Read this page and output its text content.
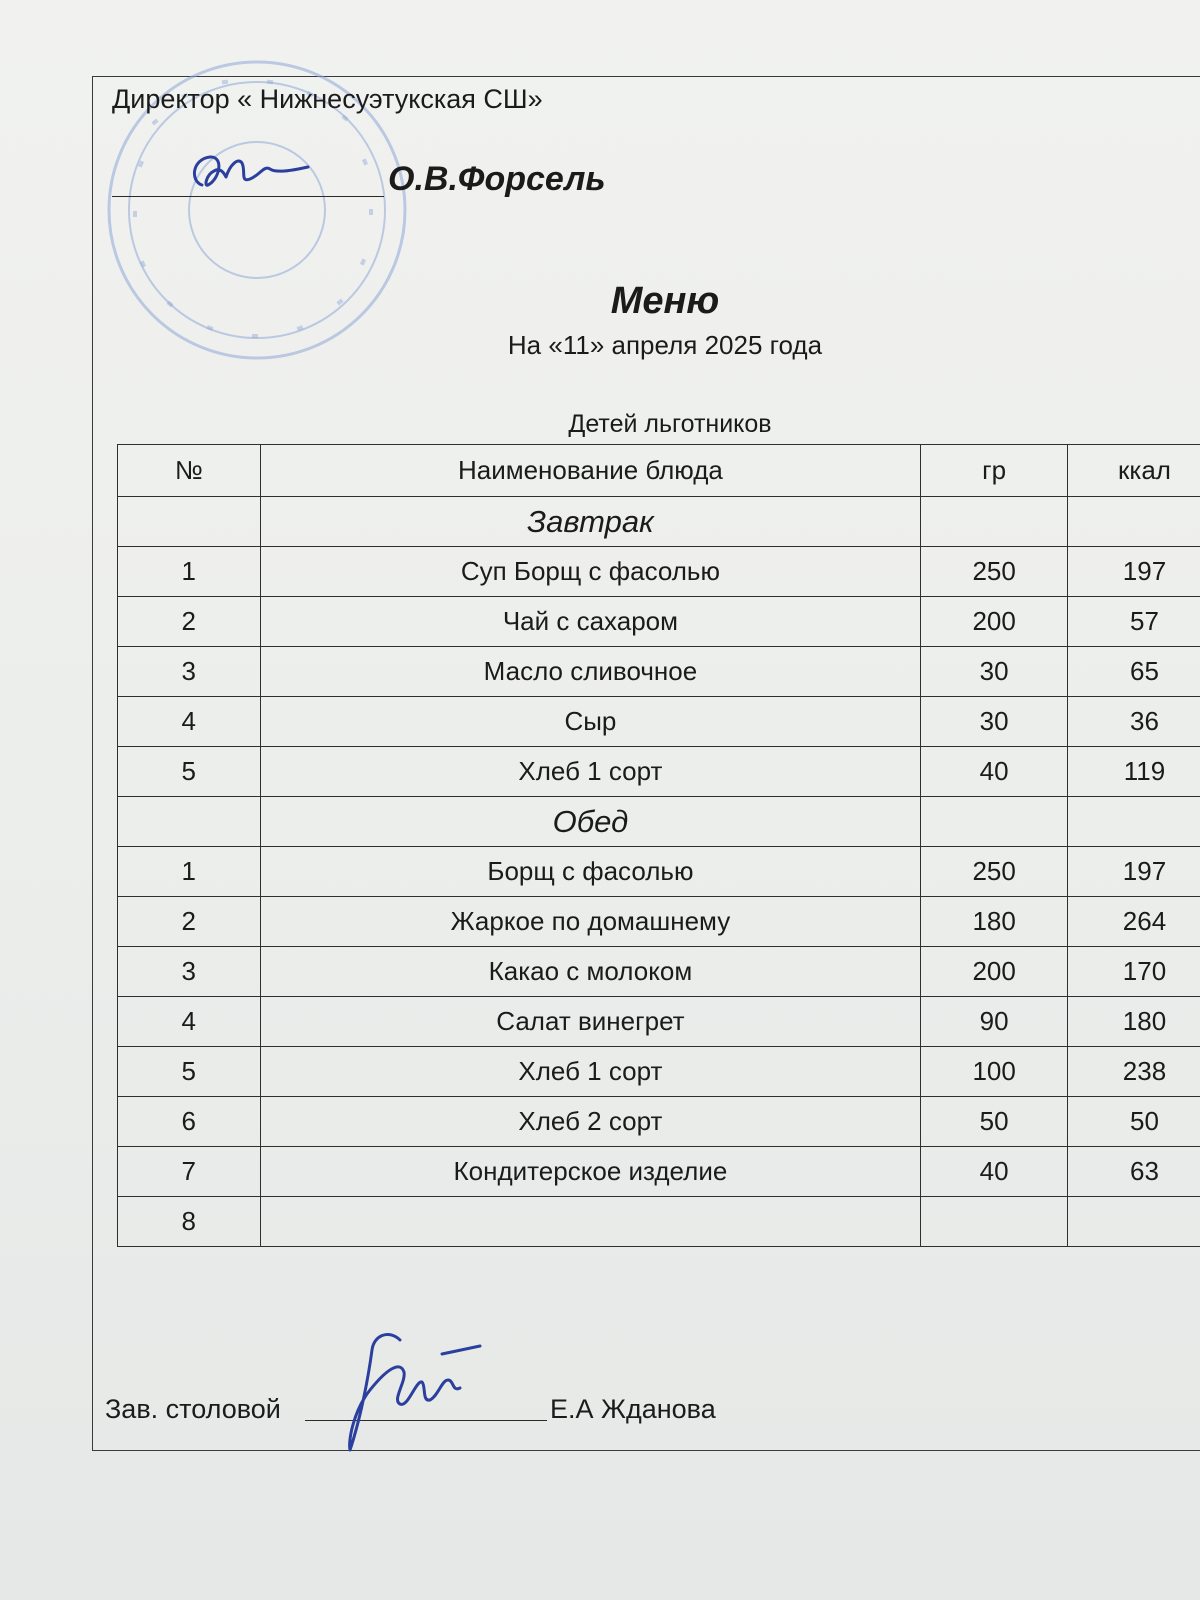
Директор « Нижнесуэтукская СШ»
О.В.Форсель
Меню
На «11» апреля 2025 года
Детей льготников
№	Наименование блюда	гр	ккал
	Завтрак		
1	Суп Борщ с фасолью	250	197
2	Чай с сахаром	200	57
3	Масло сливочное	30	65
4	Сыр	30	36
5	Хлеб 1 сорт	40	119
	Обед		
1	Борщ с фасолью	250	197
2	Жаркое по домашнему	180	264
3	Какао с молоком	200	170
4	Салат винегрет	90	180
5	Хлеб 1 сорт	100	238
6	Хлеб 2 сорт	50	50
7	Кондитерское изделие	40	63
8			
Зав. столовой	Е.А Жданова
